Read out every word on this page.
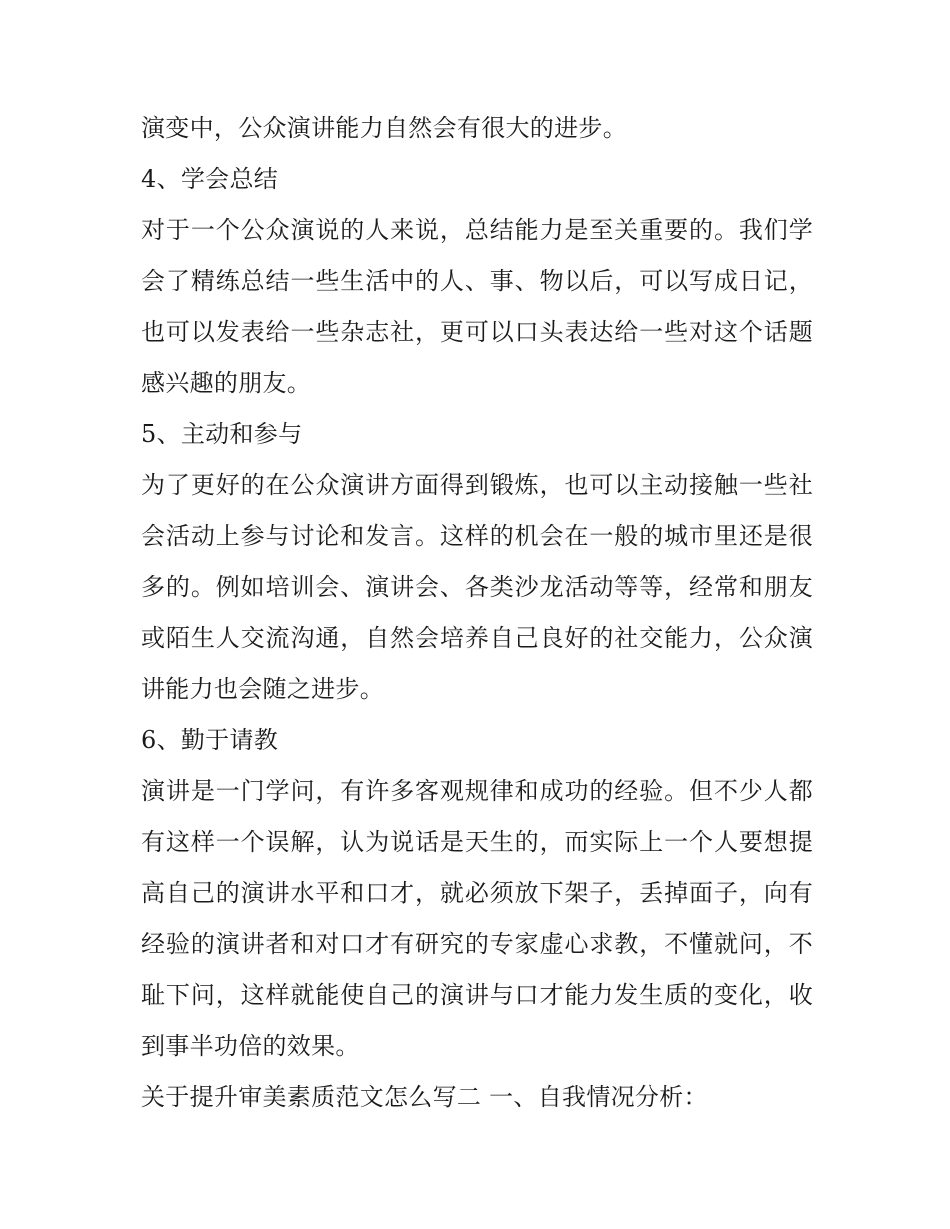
演变中，公众演讲能力自然会有很大的进步。

4、学会总结

对于一个公众演说的人来说，总结能力是至关重要的。我们学会了精练总结一些生活中的人、事、物以后，可以写成日记，也可以发表给一些杂志社，更可以口头表达给一些对这个话题感兴趣的朋友。

5、主动和参与

为了更好的在公众演讲方面得到锻炼，也可以主动接触一些社会活动上参与讨论和发言。这样的机会在一般的城市里还是很多的。例如培训会、演讲会、各类沙龙活动等等，经常和朋友或陌生人交流沟通，自然会培养自己良好的社交能力，公众演讲能力也会随之进步。

6、勤于请教

演讲是一门学问，有许多客观规律和成功的经验。但不少人都有这样一个误解，认为说话是天生的，而实际上一个人要想提高自己的演讲水平和口才，就必须放下架子，丢掉面子，向有经验的演讲者和对口才有研究的专家虚心求教，不懂就问，不耻下问，这样就能使自己的演讲与口才能力发生质的变化，收到事半功倍的效果。

关于提升审美素质范文怎么写二 一、自我情况分析：
